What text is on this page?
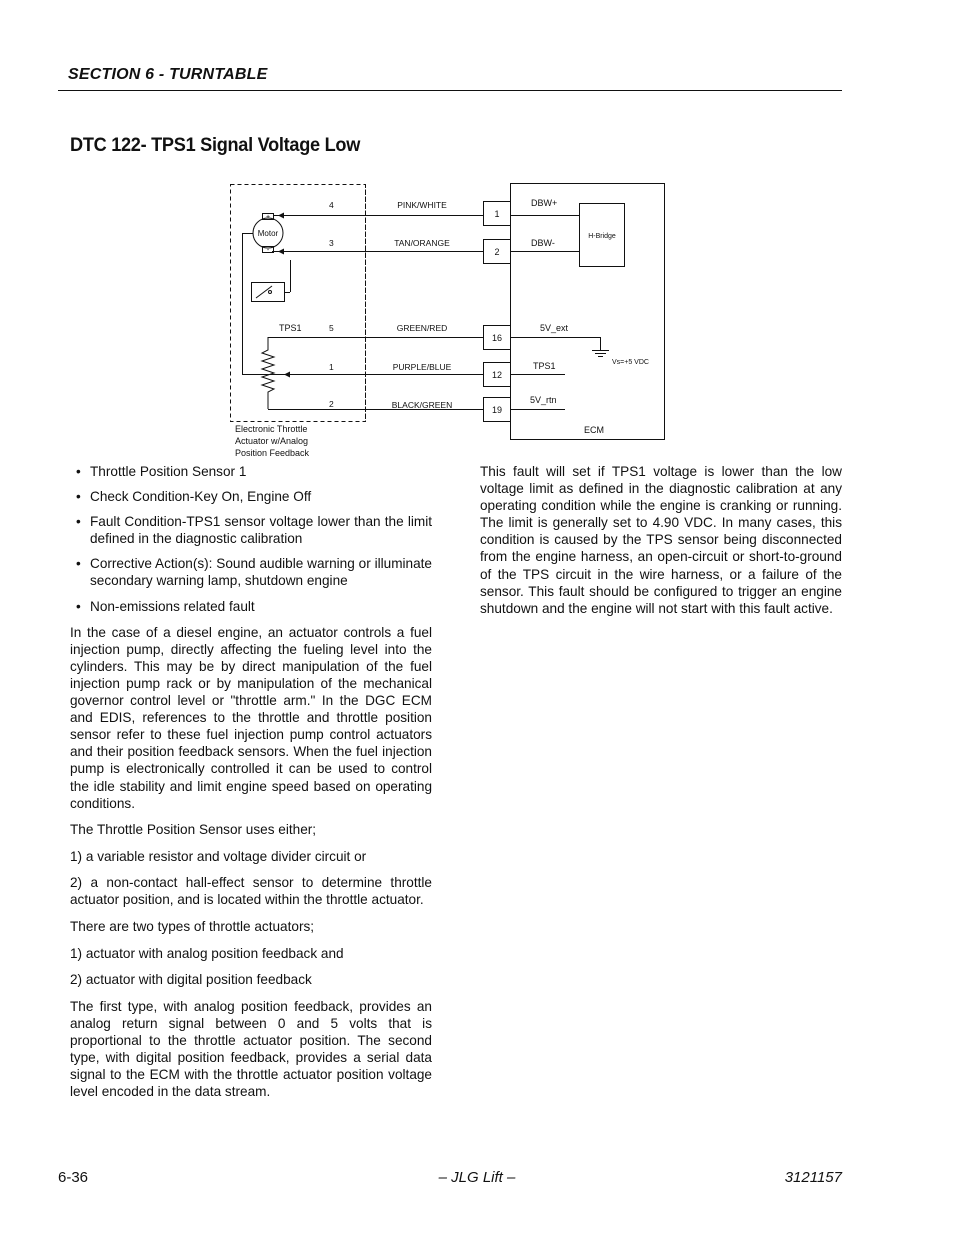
SECTION 6 - TURNTABLE
DTC 122- TPS1 Signal Voltage Low
Motor
+
-
TPS1
4
3
5
1
2
PINK/WHITE
TAN/ORANGE
GREEN/RED
PURPLE/BLUE
BLACK/GREEN
1
2
16
12
19
DBW+
DBW-
5V_ext
TPS1
5V_rtn
H-Bridge
Vs=+5 VDC
ECM
Electronic Throttle
Actuator w/Analog
Position Feedback
• Throttle Position Sensor 1
• Check Condition-Key On, Engine Off
• Fault Condition-TPS1 sensor voltage lower than the limit defined in the diagnostic calibration
• Corrective Action(s): Sound audible warning or illuminate secondary warning lamp, shutdown engine
• Non-emissions related fault

In the case of a diesel engine, an actuator controls a fuel injection pump, directly affecting the fueling level into the cylinders. This may be by direct manipulation of the fuel injection pump rack or by manipulation of the mechanical governor control level or "throttle arm." In the DGC ECM and EDIS, references to the throttle and throttle position sensor refer to these fuel injection pump control actuators and their position feedback sensors. When the fuel injection pump is electronically controlled it can be used to control the idle stability and limit engine speed based on operating conditions.

The Throttle Position Sensor uses either;

1) a variable resistor and voltage divider circuit or

2) a non-contact hall-effect sensor to determine throttle actuator position, and is located within the throttle actuator.

There are two types of throttle actuators;

1) actuator with analog position feedback and

2) actuator with digital position feedback

The first type, with analog position feedback, provides an analog return signal between 0 and 5 volts that is proportional to the throttle actuator position. The second type, with digital position feedback, provides a serial data signal to the ECM with the throttle actuator position voltage level encoded in the data stream.

This fault will set if TPS1 voltage is lower than the low voltage limit as defined in the diagnostic calibration at any operating condition while the engine is cranking or running. The limit is generally set to 4.90 VDC. In many cases, this condition is caused by the TPS sensor being disconnected from the engine harness, an open-circuit or short-to-ground of the TPS circuit in the wire harness, or a failure of the sensor. This fault should be configured to trigger an engine shutdown and the engine will not start with this fault active.

6-36	– JLG Lift –	3121157
